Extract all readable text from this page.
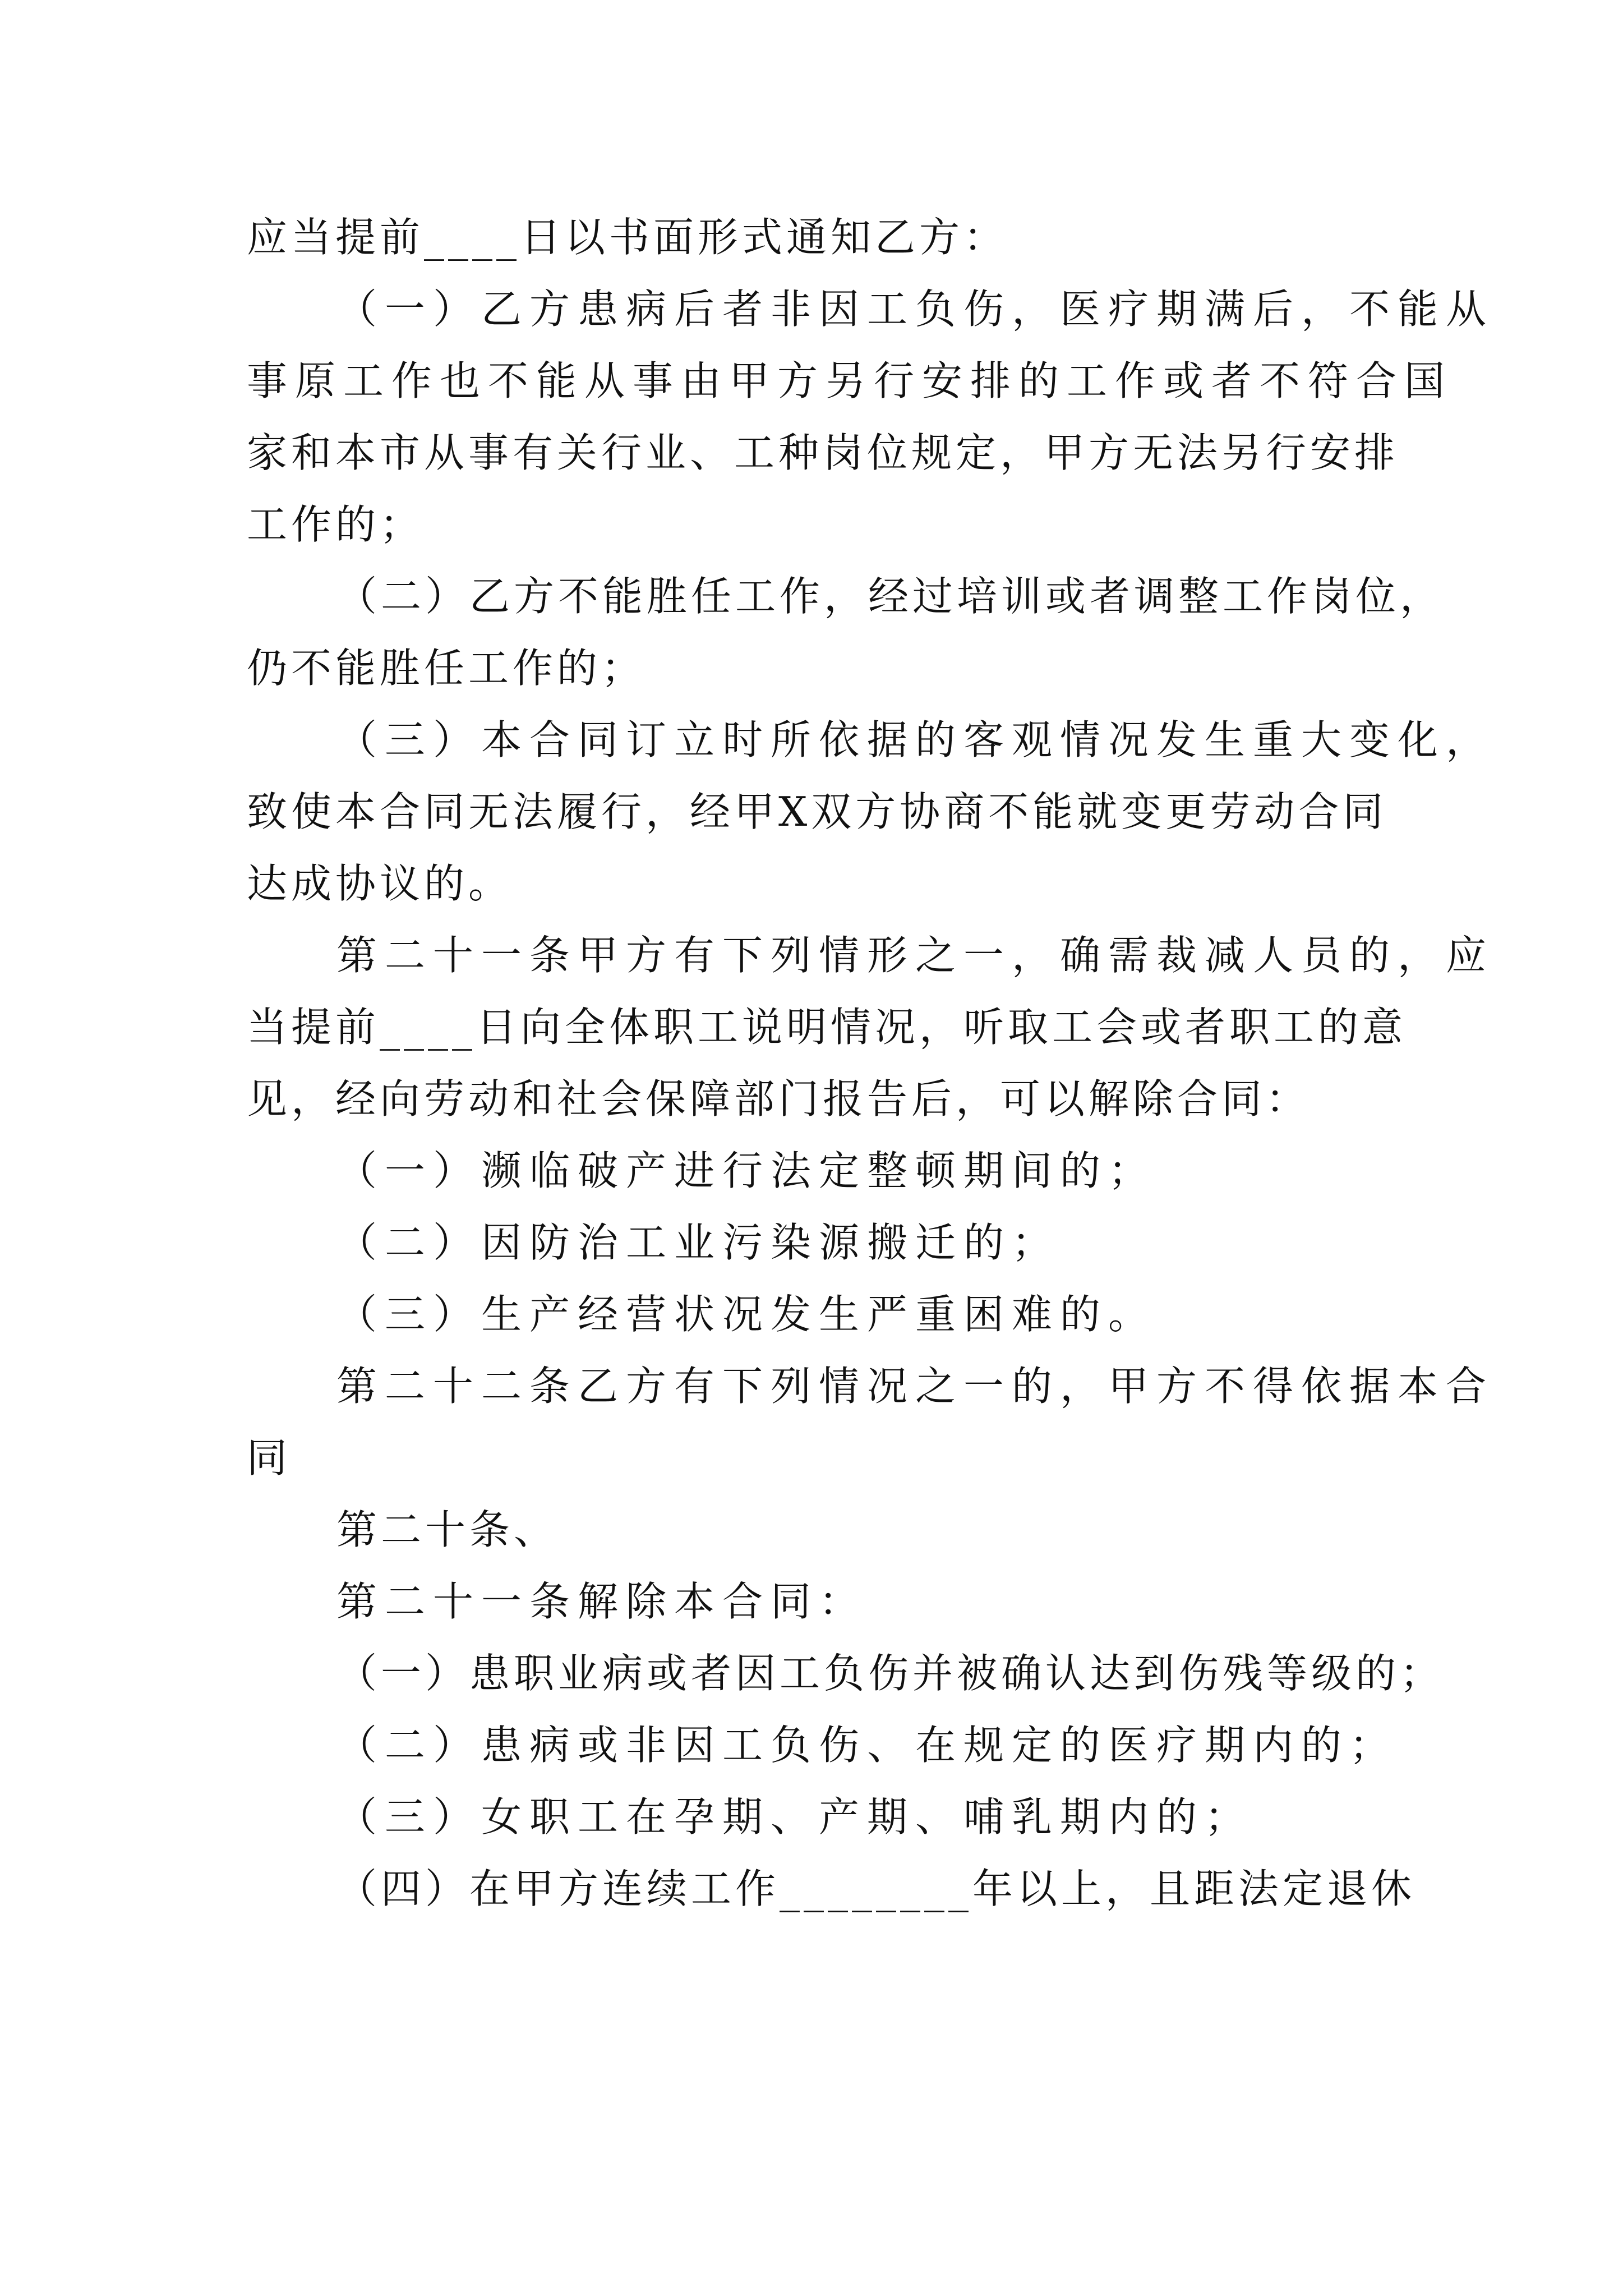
应当提前____日以书面形式通知乙方：
（一）乙方患病后者非因工负伤，医疗期满后，不能从
事原工作也不能从事由甲方另行安排的工作或者不符合国
家和本市从事有关行业、工种岗位规定，甲方无法另行安排
工作的；
（二）乙方不能胜任工作，经过培训或者调整工作岗位，
仍不能胜任工作的；
（三）本合同订立时所依据的客观情况发生重大变化，
致使本合同无法履行，经甲X双方协商不能就变更劳动合同
达成协议的。
第二十一条甲方有下列情形之一，确需裁减人员的，应
当提前____日向全体职工说明情况，听取工会或者职工的意
见，经向劳动和社会保障部门报告后，可以解除合同：
（一）濒临破产进行法定整顿期间的；
（二）因防治工业污染源搬迁的；
（三）生产经营状况发生严重困难的。
第二十二条乙方有下列情况之一的，甲方不得依据本合
同
第二十条、
第二十一条解除本合同：
（一）患职业病或者因工负伤并被确认达到伤残等级的；
（二）患病或非因工负伤、在规定的医疗期内的；
（三）女职工在孕期、产期、哺乳期内的；
（四）在甲方连续工作________年以上，且距法定退休
